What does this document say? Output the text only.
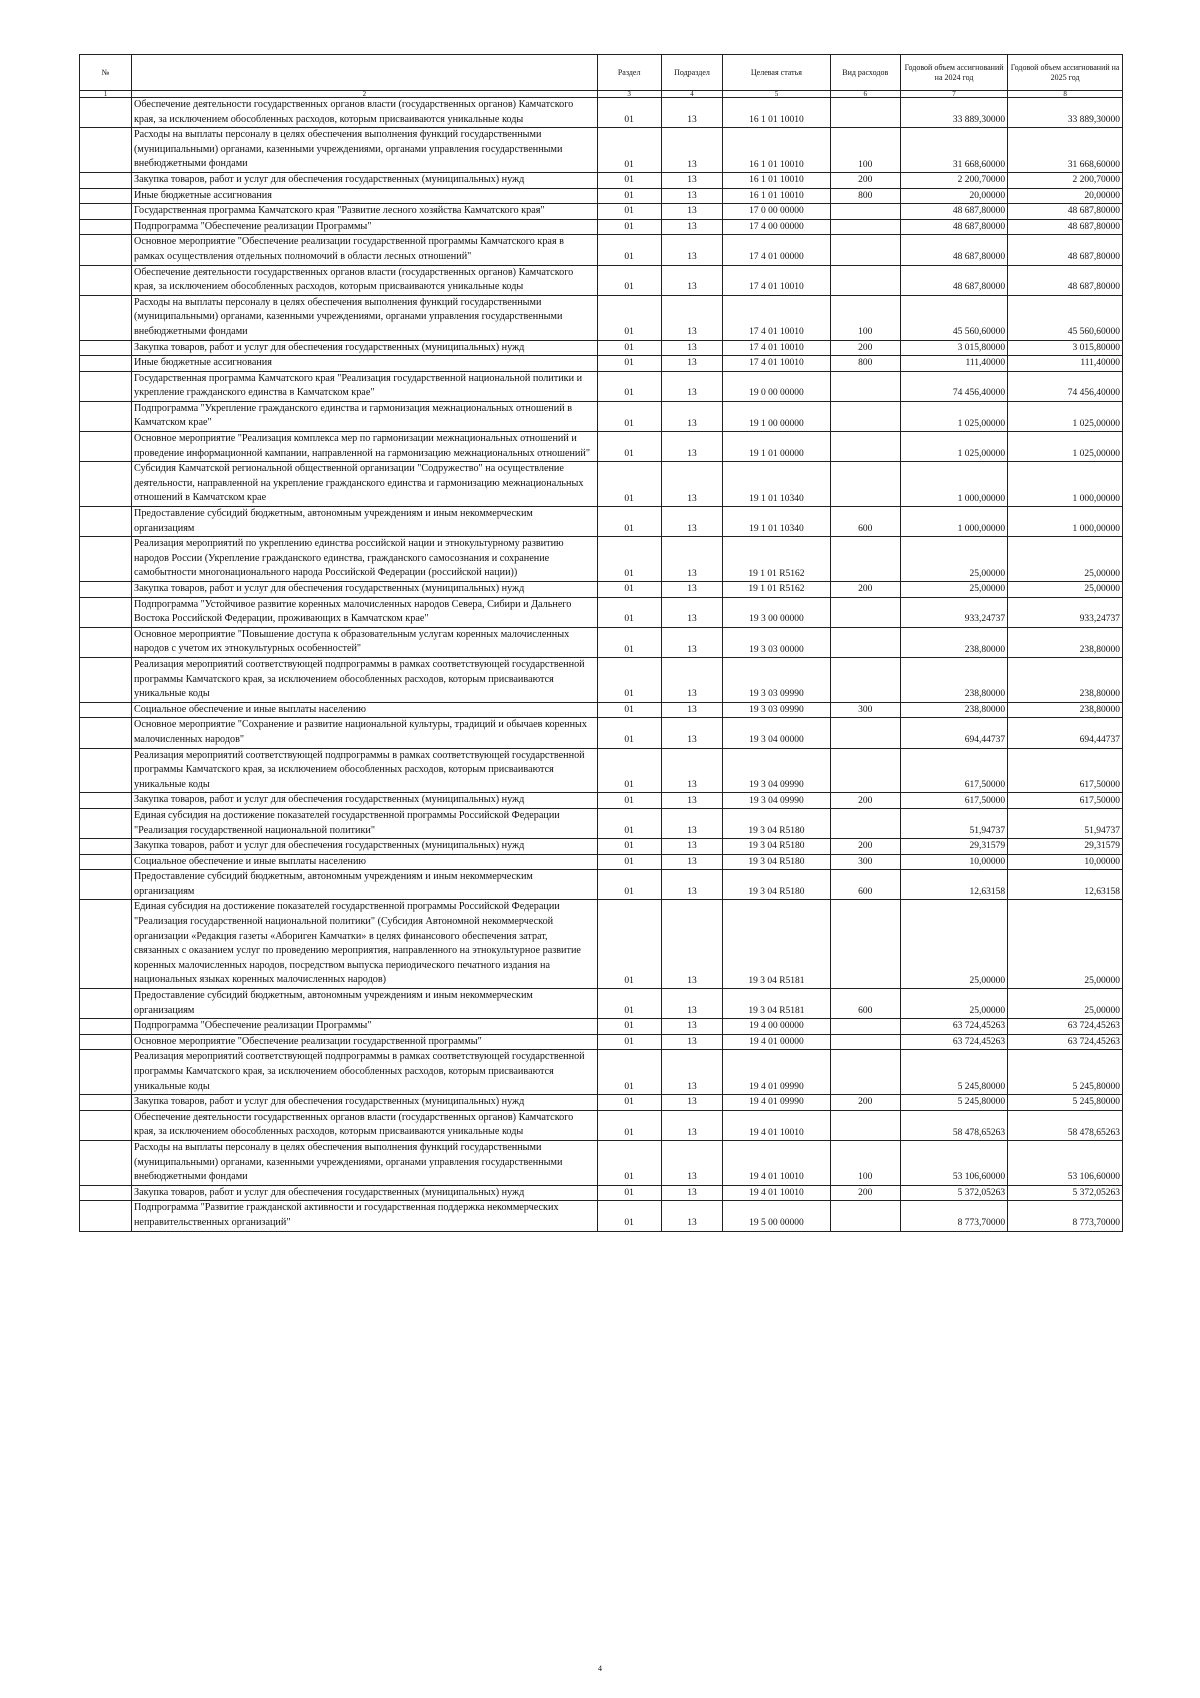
№		Раздел	Подраздел	Целевая статья	Вид расходов	Годовой объем ассигнований на 2024 год	Годовой объем ассигнований на 2025 год
1	2	3	4	5	6	7	8
	Обеспечение деятельности государственных органов власти (государственных органов) Камчатского края, за исключением обособленных расходов, которым присваиваются уникальные коды	01	13	16 1 01 10010		33 889,30000	33 889,30000
	Расходы на выплаты персоналу в целях обеспечения выполнения функций государственными (муниципальными) органами, казенными учреждениями, органами управления государственными внебюджетными фондами	01	13	16 1 01 10010	100	31 668,60000	31 668,60000
	Закупка товаров, работ и услуг для обеспечения государственных (муниципальных) нужд	01	13	16 1 01 10010	200	2 200,70000	2 200,70000
	Иные бюджетные ассигнования	01	13	16 1 01 10010	800	20,00000	20,00000
	Государственная программа Камчатского края "Развитие лесного хозяйства Камчатского края"	01	13	17 0 00 00000		48 687,80000	48 687,80000
	Подпрограмма "Обеспечение реализации Программы"	01	13	17 4 00 00000		48 687,80000	48 687,80000
	Основное мероприятие "Обеспечение реализации государственной программы Камчатского края в рамках осуществления отдельных полномочий в области лесных отношений"	01	13	17 4 01 00000		48 687,80000	48 687,80000
	Обеспечение деятельности государственных органов власти (государственных органов) Камчатского края, за исключением обособленных расходов, которым присваиваются уникальные коды	01	13	17 4 01 10010		48 687,80000	48 687,80000
	Расходы на выплаты персоналу в целях обеспечения выполнения функций государственными (муниципальными) органами, казенными учреждениями, органами управления государственными внебюджетными фондами	01	13	17 4 01 10010	100	45 560,60000	45 560,60000
	Закупка товаров, работ и услуг для обеспечения государственных (муниципальных) нужд	01	13	17 4 01 10010	200	3 015,80000	3 015,80000
	Иные бюджетные ассигнования	01	13	17 4 01 10010	800	111,40000	111,40000
	Государственная программа Камчатского края "Реализация государственной национальной политики и укрепление гражданского единства в Камчатском крае"	01	13	19 0 00 00000		74 456,40000	74 456,40000
	Подпрограмма "Укрепление гражданского единства и гармонизация межнациональных отношений в Камчатском крае"	01	13	19 1 00 00000		1 025,00000	1 025,00000
	Основное мероприятие "Реализация комплекса мер по гармонизации межнациональных отношений и проведение информационной кампании, направленной на гармонизацию межнациональных отношений"	01	13	19 1 01 00000		1 025,00000	1 025,00000
	Субсидия Камчатской региональной общественной организации "Содружество" на осуществление деятельности, направленной на укрепление гражданского единства и гармонизацию межнациональных отношений в Камчатском крае	01	13	19 1 01 10340		1 000,00000	1 000,00000
	Предоставление субсидий бюджетным, автономным учреждениям и иным некоммерческим организациям	01	13	19 1 01 10340	600	1 000,00000	1 000,00000
	Реализация мероприятий по укреплению единства российской нации и этнокультурному развитию народов России (Укрепление гражданского единства, гражданского самосознания и сохранение самобытности многонационального народа Российской Федерации (российской нации))	01	13	19 1 01 R5162		25,00000	25,00000
	Закупка товаров, работ и услуг для обеспечения государственных (муниципальных) нужд	01	13	19 1 01 R5162	200	25,00000	25,00000
	Подпрограмма "Устойчивое развитие коренных малочисленных народов Севера, Сибири и Дальнего Востока Российской Федерации, проживающих в Камчатском крае"	01	13	19 3 00 00000		933,24737	933,24737
	Основное мероприятие "Повышение доступа к образовательным услугам коренных малочисленных народов с учетом их этнокультурных особенностей"	01	13	19 3 03 00000		238,80000	238,80000
	Реализация мероприятий соответствующей подпрограммы в рамках соответствующей государственной программы Камчатского края, за исключением обособленных расходов, которым присваиваются уникальные коды	01	13	19 3 03 09990		238,80000	238,80000
	Социальное обеспечение и иные выплаты населению	01	13	19 3 03 09990	300	238,80000	238,80000
	Основное мероприятие "Сохранение и развитие национальной культуры, традиций и обычаев коренных малочисленных народов"	01	13	19 3 04 00000		694,44737	694,44737
	Реализация мероприятий соответствующей подпрограммы в рамках соответствующей государственной программы Камчатского края, за исключением обособленных расходов, которым присваиваются уникальные коды	01	13	19 3 04 09990		617,50000	617,50000
	Закупка товаров, работ и услуг для обеспечения государственных (муниципальных) нужд	01	13	19 3 04 09990	200	617,50000	617,50000
	Единая субсидия на достижение показателей государственной программы Российской Федерации "Реализация государственной национальной политики"	01	13	19 3 04 R5180		51,94737	51,94737
	Закупка товаров, работ и услуг для обеспечения государственных (муниципальных) нужд	01	13	19 3 04 R5180	200	29,31579	29,31579
	Социальное обеспечение и иные выплаты населению	01	13	19 3 04 R5180	300	10,00000	10,00000
	Предоставление субсидий бюджетным, автономным учреждениям и иным некоммерческим организациям	01	13	19 3 04 R5180	600	12,63158	12,63158
	Единая субсидия на достижение показателей государственной программы Российской Федерации "Реализация государственной национальной политики" (Субсидия Автономной некоммерческой организации «Редакция газеты «Абориген Камчатки» в целях финансового обеспечения затрат, связанных с оказанием услуг по проведению мероприятия, направленного на этнокультурное развитие коренных малочисленных народов, посредством выпуска периодического печатного издания на национальных языках коренных малочисленных народов)	01	13	19 3 04 R5181		25,00000	25,00000
	Предоставление субсидий бюджетным, автономным учреждениям и иным некоммерческим организациям	01	13	19 3 04 R5181	600	25,00000	25,00000
	Подпрограмма "Обеспечение реализации Программы"	01	13	19 4 00 00000		63 724,45263	63 724,45263
	Основное мероприятие "Обеспечение реализации государственной программы"	01	13	19 4 01 00000		63 724,45263	63 724,45263
	Реализация мероприятий соответствующей подпрограммы в рамках соответствующей государственной программы Камчатского края, за исключением обособленных расходов, которым присваиваются уникальные коды	01	13	19 4 01 09990		5 245,80000	5 245,80000
	Закупка товаров, работ и услуг для обеспечения государственных (муниципальных) нужд	01	13	19 4 01 09990	200	5 245,80000	5 245,80000
	Обеспечение деятельности государственных органов власти (государственных органов) Камчатского края, за исключением обособленных расходов, которым присваиваются уникальные коды	01	13	19 4 01 10010		58 478,65263	58 478,65263
	Расходы на выплаты персоналу в целях обеспечения выполнения функций государственными (муниципальными) органами, казенными учреждениями, органами управления государственными внебюджетными фондами	01	13	19 4 01 10010	100	53 106,60000	53 106,60000
	Закупка товаров, работ и услуг для обеспечения государственных (муниципальных) нужд	01	13	19 4 01 10010	200	5 372,05263	5 372,05263
	Подпрограмма "Развитие гражданской активности и государственная поддержка некоммерческих неправительственных организаций"	01	13	19 5 00 00000		8 773,70000	8 773,70000
4
